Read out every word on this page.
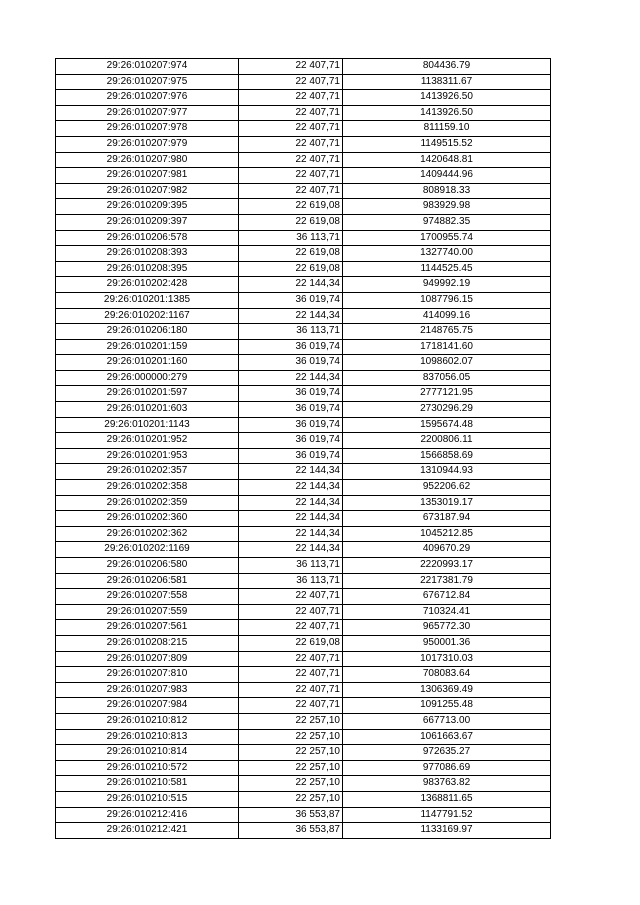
29:26:010207:974	22 407,71	804436.79
29:26:010207:975	22 407,71	1138311.67
29:26:010207:976	22 407,71	1413926.50
29:26:010207:977	22 407,71	1413926.50
29:26:010207:978	22 407,71	811159.10
29:26:010207:979	22 407,71	1149515.52
29:26:010207:980	22 407,71	1420648.81
29:26:010207:981	22 407,71	1409444.96
29:26:010207:982	22 407,71	808918.33
29:26:010209:395	22 619,08	983929.98
29:26:010209:397	22 619,08	974882.35
29:26:010206:578	36 113,71	1700955.74
29:26:010208:393	22 619,08	1327740.00
29:26:010208:395	22 619,08	1144525.45
29:26:010202:428	22 144,34	949992.19
29:26:010201:1385	36 019,74	1087796.15
29:26:010202:1167	22 144,34	414099.16
29:26:010206:180	36 113,71	2148765.75
29:26:010201:159	36 019,74	1718141.60
29:26:010201:160	36 019,74	1098602.07
29:26:000000:279	22 144,34	837056.05
29:26:010201:597	36 019,74	2777121.95
29:26:010201:603	36 019,74	2730296.29
29:26:010201:1143	36 019,74	1595674.48
29:26:010201:952	36 019,74	2200806.11
29:26:010201:953	36 019,74	1566858.69
29:26:010202:357	22 144,34	1310944.93
29:26:010202:358	22 144,34	952206.62
29:26:010202:359	22 144,34	1353019.17
29:26:010202:360	22 144,34	673187.94
29:26:010202:362	22 144,34	1045212.85
29:26:010202:1169	22 144,34	409670.29
29:26:010206:580	36 113,71	2220993.17
29:26:010206:581	36 113,71	2217381.79
29:26:010207:558	22 407,71	676712.84
29:26:010207:559	22 407,71	710324.41
29:26:010207:561	22 407,71	965772.30
29:26:010208:215	22 619,08	950001.36
29:26:010207:809	22 407,71	1017310.03
29:26:010207:810	22 407,71	708083.64
29:26:010207:983	22 407,71	1306369.49
29:26:010207:984	22 407,71	1091255.48
29:26:010210:812	22 257,10	667713.00
29:26:010210:813	22 257,10	1061663.67
29:26:010210:814	22 257,10	972635.27
29:26:010210:572	22 257,10	977086.69
29:26:010210:581	22 257,10	983763.82
29:26:010210:515	22 257,10	1368811.65
29:26:010212:416	36 553,87	1147791.52
29:26:010212:421	36 553,87	1133169.97
